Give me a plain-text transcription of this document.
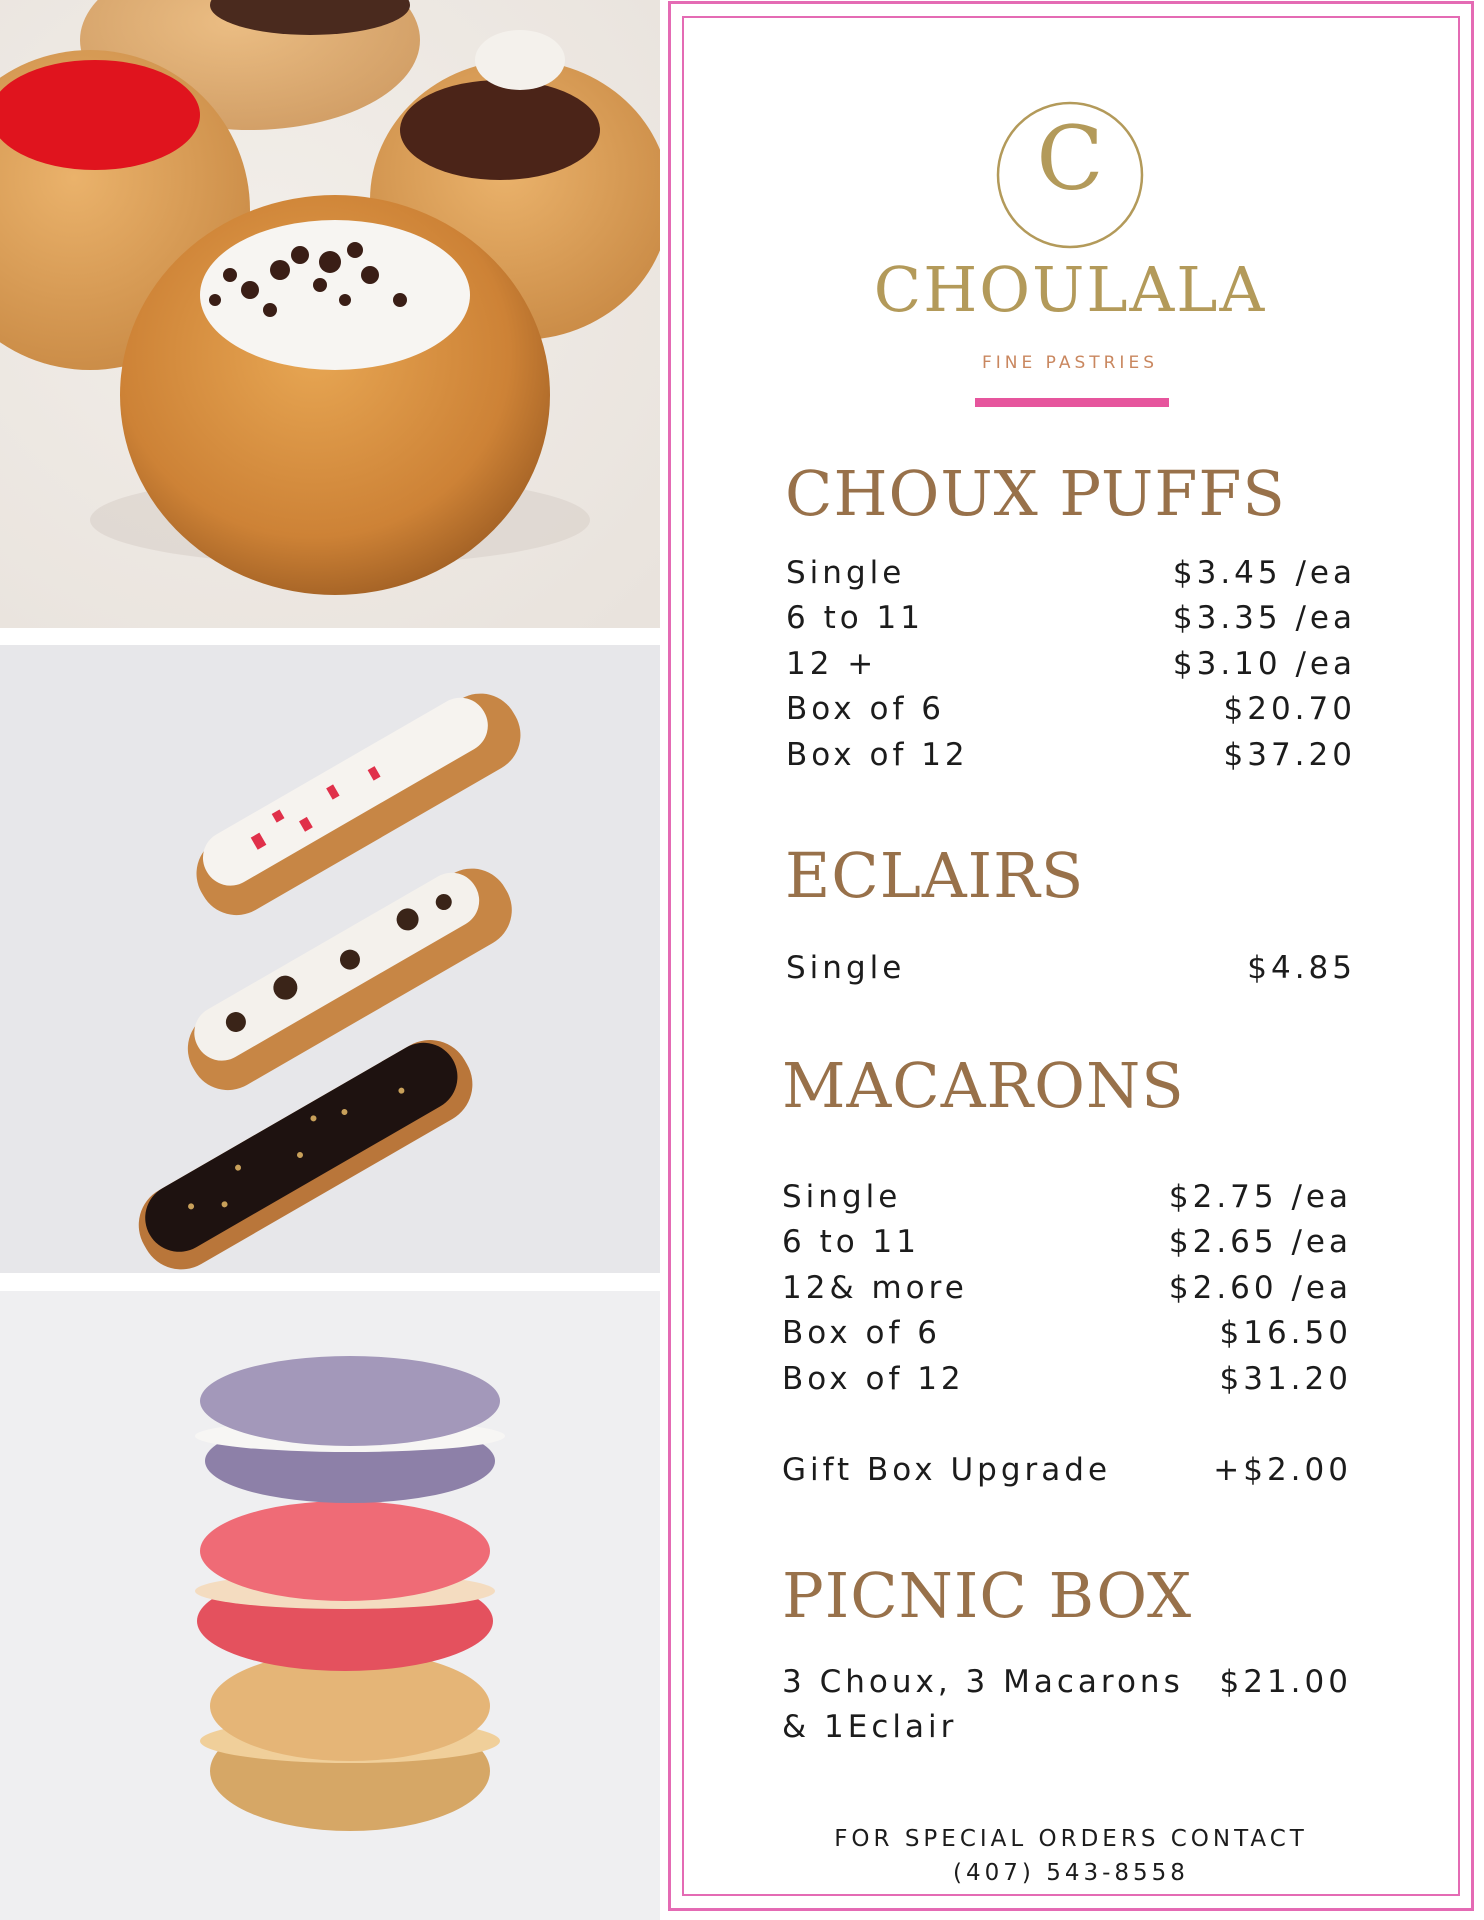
C
CHOULALA
FINE PASTRIES
CHOUX PUFFS
Single	$3.45 /ea
6 to 11	$3.35 /ea
12 +	$3.10 /ea
Box of 6	$20.70
Box of 12	$37.20
ECLAIRS
Single	$4.85
MACARONS
Single	$2.75 /ea
6 to 11	$2.65 /ea
12& more	$2.60 /ea
Box of 6	$16.50
Box of 12	$31.20
Gift Box Upgrade	+$2.00
PICNIC BOX
3 Choux, 3 Macarons
& 1Eclair
$21.00
FOR SPECIAL ORDERS CONTACT
(407) 543-8558
